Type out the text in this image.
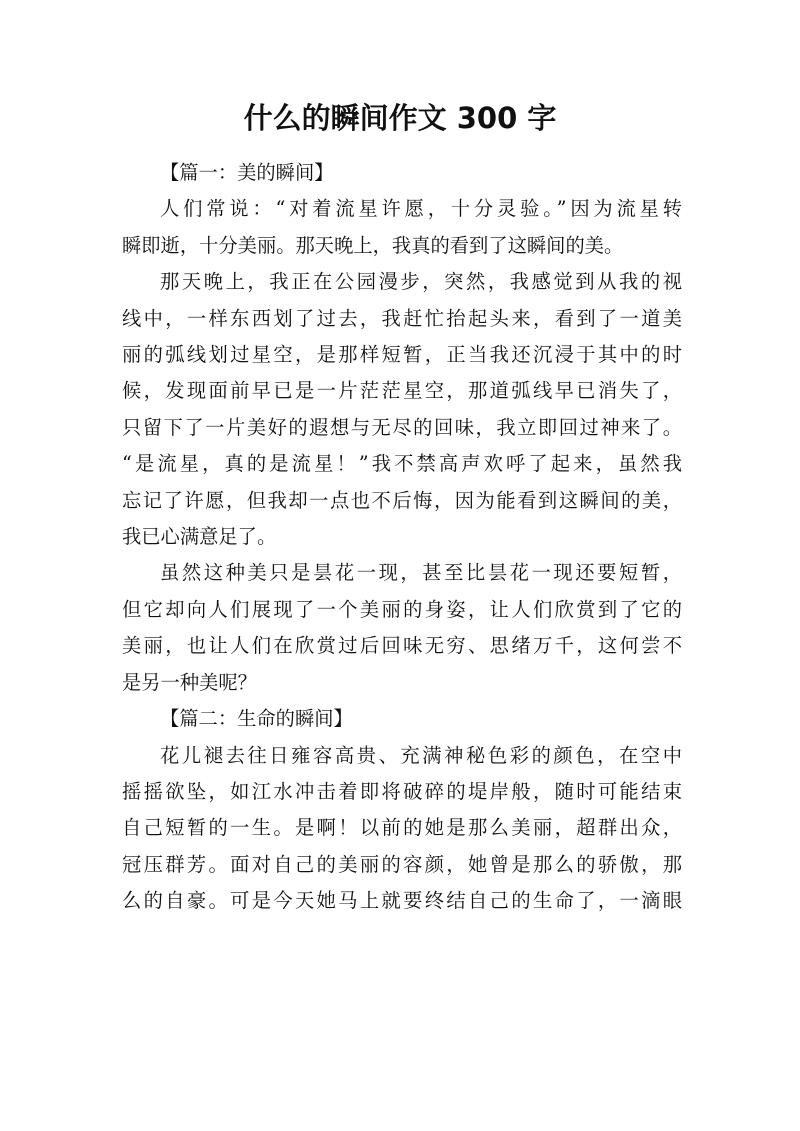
什么的瞬间作文 300 字
【篇一：美的瞬间】
人们常说：“对着流星许愿，十分灵验。”因为流星转
瞬即逝，十分美丽。那天晚上，我真的看到了这瞬间的美。
那天晚上，我正在公园漫步，突然，我感觉到从我的视
线中，一样东西划了过去，我赶忙抬起头来，看到了一道美
丽的弧线划过星空，是那样短暂，正当我还沉浸于其中的时
候，发现面前早已是一片茫茫星空，那道弧线早已消失了，
只留下了一片美好的遐想与无尽的回味，我立即回过神来了。
“是流星，真的是流星！”我不禁高声欢呼了起来，虽然我
忘记了许愿，但我却一点也不后悔，因为能看到这瞬间的美，
我已心满意足了。
虽然这种美只是昙花一现，甚至比昙花一现还要短暂，
但它却向人们展现了一个美丽的身姿，让人们欣赏到了它的
美丽，也让人们在欣赏过后回味无穷、思绪万千，这何尝不
是另一种美呢？
【篇二：生命的瞬间】
花儿褪去往日雍容高贵、充满神秘色彩的颜色，在空中
摇摇欲坠，如江水冲击着即将破碎的堤岸般，随时可能结束
自己短暂的一生。是啊！以前的她是那么美丽，超群出众，
冠压群芳。面对自己的美丽的容颜，她曾是那么的骄傲，那
么的自豪。可是今天她马上就要终结自己的生命了，一滴眼
